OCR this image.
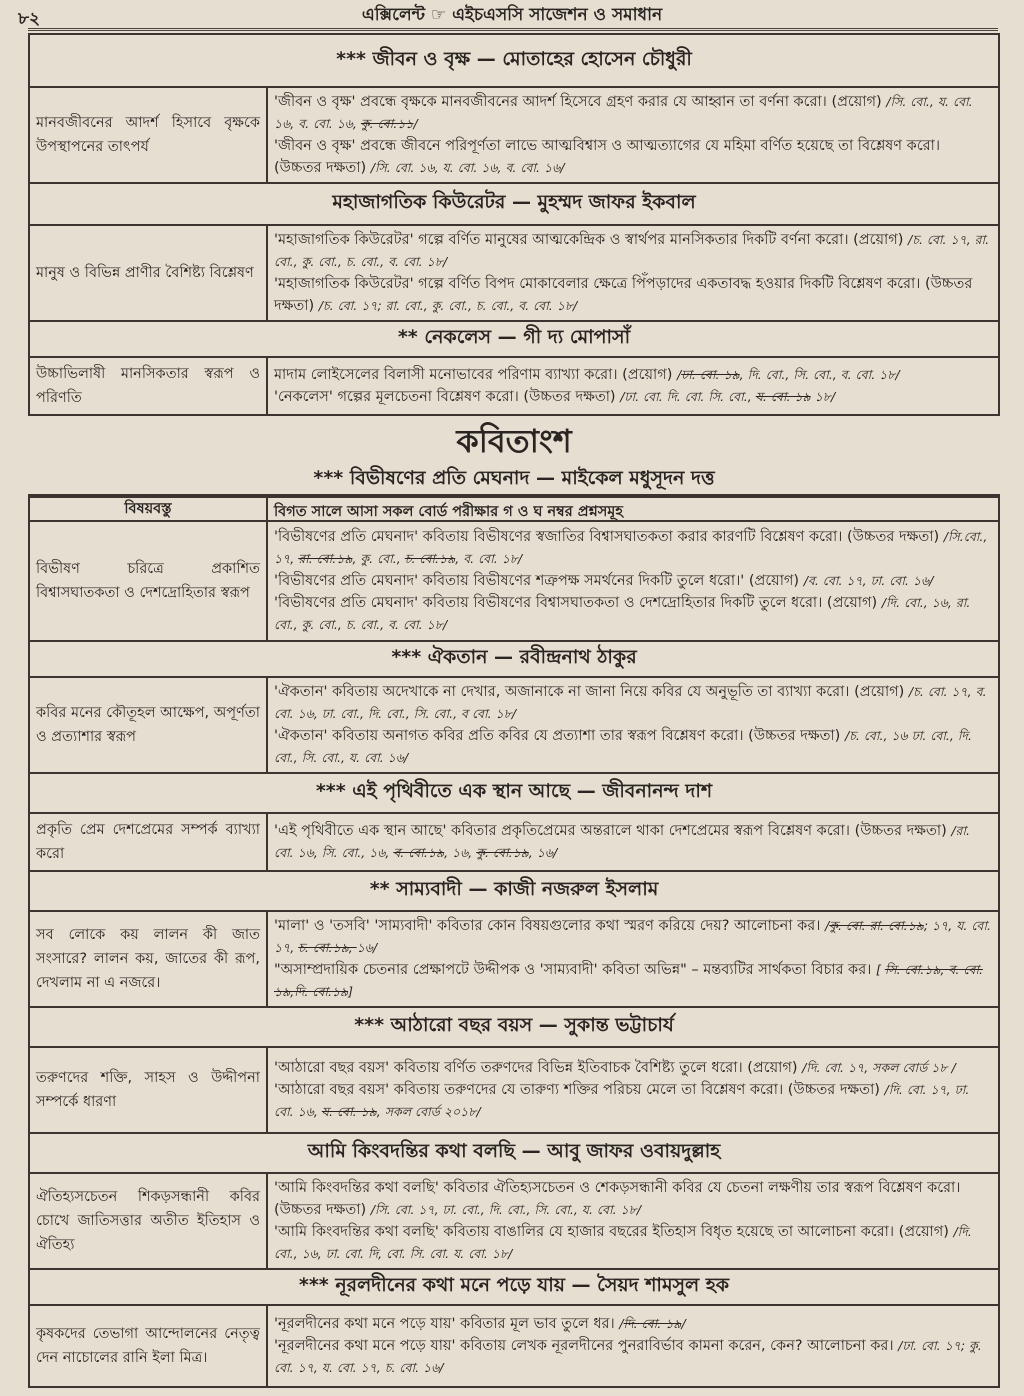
৮২	এক্সিলেন্ট ☞ এইচএসসি সাজেশন ও সমাধান
*** জীবন ও বৃক্ষ — মোতাহের হোসেন চৌধুরী
মানবজীবনের আদর্শ হিসাবে বৃক্ষকে উপস্থাপনের তাৎপর্য
'জীবন ও বৃক্ষ' প্রবন্ধে বৃক্ষকে মানবজীবনের আদর্শ হিসেবে গ্রহণ করার যে আহ্বান তা বর্ণনা করো। (প্রয়োগ) /সি. বো., য. বো. ১৬, ব. বো. ১৬, কু. বো.১১/
'জীবন ও বৃক্ষ' প্রবন্ধে জীবনে পরিপূর্ণতা লাভে আত্মবিশ্বাস ও আত্মত্যাগের যে মহিমা বর্ণিত হয়েছে তা বিশ্লেষণ করো। (উচ্চতর দক্ষতা) /সি. বো. ১৬, য. বো. ১৬, ব. বো. ১৬/
মহাজাগতিক কিউরেটর — মুহম্মদ জাফর ইকবাল
মানুষ ও বিভিন্ন প্রাণীর বৈশিষ্ট্য বিশ্লেষণ
'মহাজাগতিক কিউরেটর' গল্পে বর্ণিত মানুষের আত্মকেন্দ্রিক ও স্বার্থপর মানসিকতার দিকটি বর্ণনা করো। (প্রয়োগ) /চ. বো. ১৭, রা. বো., কু. বো., চ. বো., ব. বো. ১৮/
'মহাজাগতিক কিউরেটর' গল্পে বর্ণিত বিপদ মোকাবেলার ক্ষেত্রে পিঁপড়াদের একতাবদ্ধ হওয়ার দিকটি বিশ্লেষণ করো। (উচ্চতর দক্ষতা) /চ. বো. ১৭; রা. বো., কু. বো., চ. বো., ব. বো. ১৮/
** নেকলেস — গী দ্য মোপাসাঁ
উচ্চাভিলাষী মানসিকতার স্বরূপ ও পরিণতি
মাদাম লোইসেলের বিলাসী মনোভাবের পরিণাম ব্যাখ্যা করো। (প্রয়োগ) /ঢা. বো. ১৯, দি. বো., সি. বো., ব. বো. ১৮/
'নেকলেস' গল্পের মূলচেতনা বিশ্লেষণ করো। (উচ্চতর দক্ষতা) /ঢা. বো. দি. বো. সি. বো., য. বো. ১৯ ১৮/
কবিতাংশ
*** বিভীষণের প্রতি মেঘনাদ — মাইকেল মধুসূদন দত্ত
বিষয়বস্তু	বিগত সালে আসা সকল বোর্ড পরীক্ষার গ ও ঘ নম্বর প্রশ্নসমূহ
বিভীষণ চরিত্রে প্রকাশিত বিশ্বাসঘাতকতা ও দেশদ্রোহিতার স্বরূপ
'বিভীষণের প্রতি মেঘনাদ' কবিতায় বিভীষণের স্বজাতির বিশ্বাসঘাতকতা করার কারণটি বিশ্লেষণ করো। (উচ্চতর দক্ষতা) /সি.বো., ১৭, রা. বো.১৯, কু. বো., চ. বো.১৯, ব. বো. ১৮/
'বিভীষণের প্রতি মেঘনাদ' কবিতায় বিভীষণের শত্রুপক্ষ সমর্থনের দিকটি তুলে ধরো।' (প্রয়োগ) /ব. বো. ১৭, ঢা. বো. ১৬/
'বিভীষণের প্রতি মেঘনাদ' কবিতায় বিভীষণের বিশ্বাসঘাতকতা ও দেশদ্রোহিতার দিকটি তুলে ধরো। (প্রয়োগ) /দি. বো., ১৬, রা. বো., কু. বো., চ. বো., ব. বো. ১৮/
*** ঐকতান — রবীন্দ্রনাথ ঠাকুর
কবির মনের কৌতূহল আক্ষেপ, অপূর্ণতা ও প্রত্যাশার স্বরূপ
'ঐকতান' কবিতায় অদেখাকে না দেখার, অজানাকে না জানা নিয়ে কবির যে অনুভূতি তা ব্যাখ্যা করো। (প্রয়োগ) /চ. বো. ১৭, ব. বো. ১৬, ঢা. বো., দি. বো., সি. বো., ব বো. ১৮/
'ঐকতান' কবিতায় অনাগত কবির প্রতি কবির যে প্রত্যাশা তার স্বরূপ বিশ্লেষণ করো। (উচ্চতর দক্ষতা) /চ. বো., ১৬ ঢা. বো., দি. বো., সি. বো., য. বো. ১৬/
*** এই পৃথিবীতে এক স্থান আছে — জীবনানন্দ দাশ
প্রকৃতি প্রেম দেশপ্রেমের সম্পর্ক ব্যাখ্যা করো
'এই পৃথিবীতে এক স্থান আছে' কবিতার প্রকৃতিপ্রেমের অন্তরালে থাকা দেশপ্রেমের স্বরূপ বিশ্লেষণ করো। (উচ্চতর দক্ষতা) /রা. বো. ১৬, সি. বো., ১৬, ব. বো.১৯, ১৬, কু. বো.১৯, ১৬/
** সাম্যবাদী — কাজী নজরুল ইসলাম
সব লোকে কয় লালন কী জাত সংসারে? লালন কয়, জাতের কী রূপ, দেখলাম না এ নজরে।
'মালা' ও 'তসবি' 'সাম্যবাদী' কবিতার কোন বিষয়গুলোর কথা স্মরণ করিয়ে দেয়? আলোচনা কর। /কু. বো. রা. বো.১৯; ১৭, য. বো. ১৭, চ. বো.১৯, ১৬/
"অসাম্প্রদায়িক চেতনার প্রেক্ষাপটে উদ্দীপক ও 'সাম্যবাদী' কবিতা অভিন্ন" – মন্তব্যটির সার্থকতা বিচার কর। [ সি. বো.১৯, ব. বো. ১৯,দি. বো.১৯]
*** আঠারো বছর বয়স — সুকান্ত ভট্টাচার্য
তরুণদের শক্তি, সাহস ও উদ্দীপনা সম্পর্কে ধারণা
'আঠারো বছর বয়স' কবিতায় বর্ণিত তরুণদের বিভিন্ন ইতিবাচক বৈশিষ্ট্য তুলে ধরো। (প্রয়োগ) /দি. বো. ১৭, সকল বোর্ড ১৮ /
'আঠারো বছর বয়স' কবিতায় তরুণদের যে তারুণ্য শক্তির পরিচয় মেলে তা বিশ্লেষণ করো। (উচ্চতর দক্ষতা) /দি. বো. ১৭, ঢা. বো. ১৬, য. বো. ১৯, সকল বোর্ড ২০১৮/
আমি কিংবদন্তির কথা বলছি — আবু জাফর ওবায়দুল্লাহ
ঐতিহ্যসচেতন শিকড়সন্ধানী কবির চোখে জাতিসত্তার অতীত ইতিহাস ও ঐতিহ্য
'আমি কিংবদন্তির কথা বলছি' কবিতার ঐতিহ্যসচেতন ও শেকড়সন্ধানী কবির যে চেতনা লক্ষণীয় তার স্বরূপ বিশ্লেষণ করো। (উচ্চতর দক্ষতা) /সি. বো. ১৭, ঢা. বো., দি. বো., সি. বো., য. বো. ১৮/
'আমি কিংবদন্তির কথা বলছি' কবিতায় বাঙালির যে হাজার বছরের ইতিহাস বিধৃত হয়েছে তা আলোচনা করো। (প্রয়োগ) /দি. বো., ১৬, ঢা. বো. দি, বো. সি. বো. য. বো. ১৮/
*** নূরলদীনের কথা মনে পড়ে যায় — সৈয়দ শামসুল হক
কৃষকদের তেভাগা আন্দোলনের নেতৃত্ব দেন নাচোলের রানি ইলা মিত্র।
'নূরলদীনের কথা মনে পড়ে যায়' কবিতার মূল ভাব তুলে ধর। /দি. বো. ১৯/
'নূরলদীনের কথা মনে পড়ে যায়' কবিতায় লেখক নূরলদীনের পুনরাবির্ভাব কামনা করেন, কেন? আলোচনা কর। /ঢা. বো. ১৭; কু. বো. ১৭, য. বো. ১৭, চ. বো. ১৬/
